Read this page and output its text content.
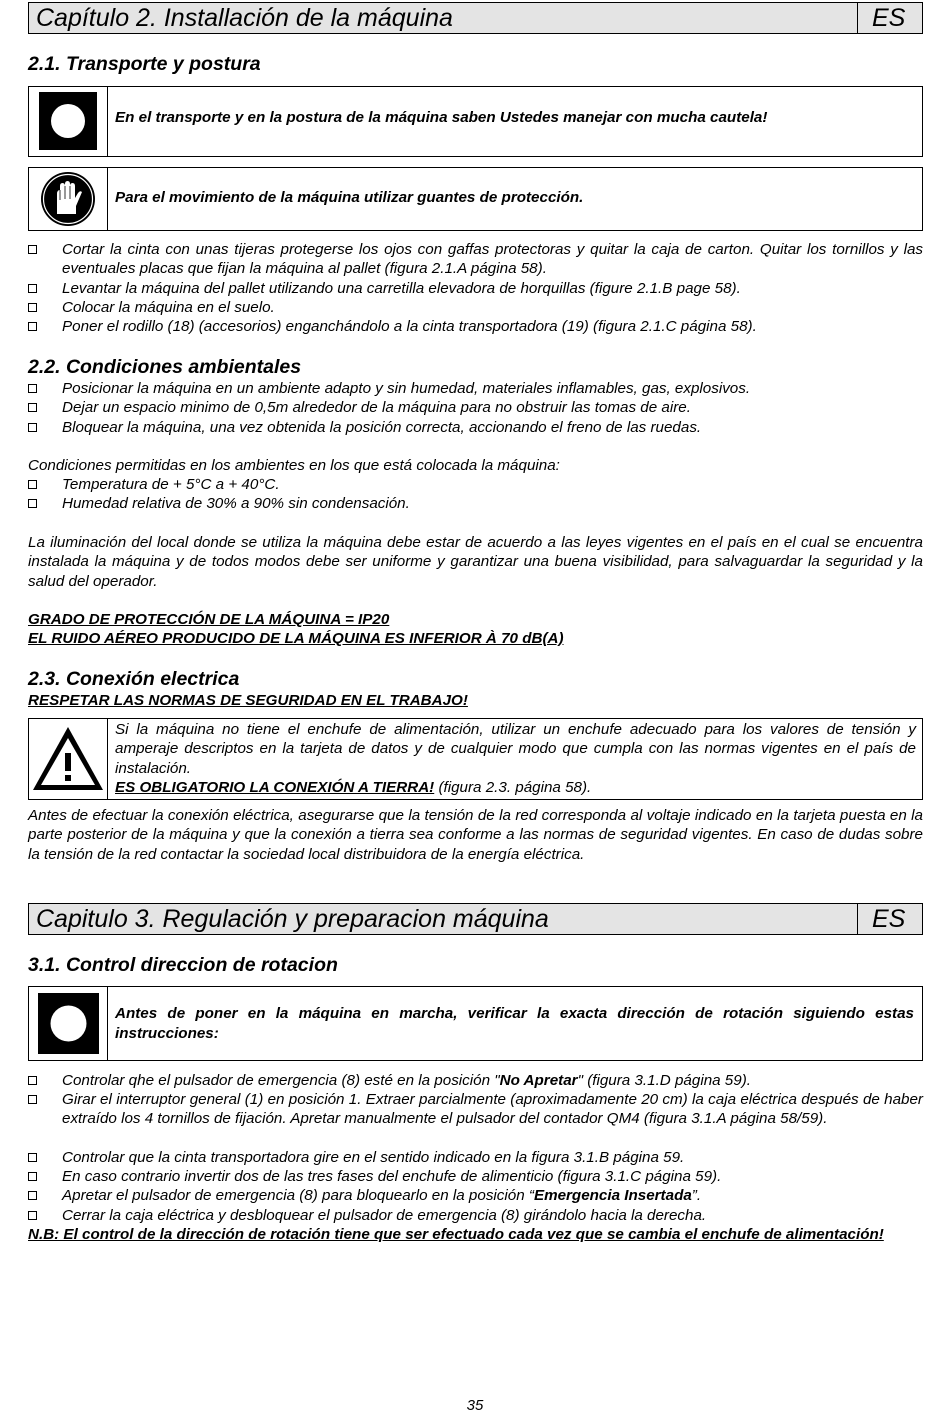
Capítulo 2. Installación de la máquina	ES
2.1. Transporte y postura
En el transporte y en la postura de la máquina saben Ustedes manejar con mucha cautela!
Para el movimiento de la máquina utilizar guantes de protección.
Cortar la cinta con unas tijeras protegerse los ojos con gaffas protectoras y quitar la caja de carton. Quitar los tornillos y las eventuales placas que fijan la máquina al pallet (figura 2.1.A página 58).
Levantar la máquina del pallet utilizando una carretilla elevadora de horquillas (figure 2.1.B page 58).
Colocar la máquina en el suelo.
Poner el rodillo (18) (accesorios) enganchándolo a la cinta transportadora (19) (figura 2.1.C página 58).
2.2. Condiciones ambientales
Posicionar la máquina en un ambiente adapto y sin humedad, materiales inflamables, gas, explosivos.
Dejar un espacio minimo de 0,5m alrededor de la máquina para no obstruir las tomas de aire.
Bloquear la máquina, una vez obtenida la posición correcta, accionando el freno de las ruedas.
Condiciones permitidas en los ambientes en los que está colocada la máquina:
Temperatura de + 5°C a + 40°C.
Humedad relativa de 30% a 90% sin condensación.
La iluminación del local donde se utiliza la máquina debe estar de acuerdo a las leyes vigentes en el país en el cual se encuentra instalada la máquina y de todos modos debe ser uniforme y garantizar una buena visibilidad, para salvaguardar la seguridad y la salud del operador.
GRADO DE PROTECCIÓN DE LA MÁQUINA = IP20
EL RUIDO AÉREO PRODUCIDO DE LA MÁQUINA ES INFERIOR À 70 dB(A)
2.3. Conexión electrica
RESPETAR LAS NORMAS DE SEGURIDAD EN EL TRABAJO!
Si la máquina no tiene el enchufe de alimentación, utilizar un enchufe adecuado para los valores de tensión y amperaje descriptos en la tarjeta de datos y de cualquier modo que cumpla con las normas vigentes en el país de instalación.
ES OBLIGATORIO LA CONEXIÓN A TIERRA! (figura 2.3. página 58).
Antes de efectuar la conexión eléctrica, asegurarse que la tensión de la red corresponda al voltaje indicado en la tarjeta puesta en la parte posterior de la máquina y que la conexión a tierra sea conforme a las normas de seguridad vigentes. En caso de dudas sobre la tensión de la red contactar la sociedad local distribuidora de la energía eléctrica.
Capitulo 3. Regulación y preparacion máquina	ES
3.1. Control direccion de rotacion
Antes de poner en la máquina en marcha, verificar la exacta dirección de rotación siguiendo estas instrucciones:
Controlar qhe el pulsador de emergencia (8) esté en la posición "No Apretar" (figura 3.1.D página 59).
Girar el interruptor general (1) en posición 1. Extraer parcialmente (aproximadamente 20 cm) la caja eléctrica después de haber extraído los 4 tornillos de fijación. Apretar manualmente el pulsador del contador QM4 (figura 3.1.A página 58/59).
Controlar que la cinta transportadora gire en el sentido indicado en la figura 3.1.B página 59.
En caso contrario invertir dos de las tres fases del enchufe de alimenticio (figura 3.1.C página 59).
Apretar el pulsador de emergencia (8) para bloquearlo en la posición “Emergencia Insertada”.
Cerrar la caja eléctrica y desbloquear el pulsador de emergencia (8) girándolo hacia la derecha.
N.B: El control de la dirección de rotación tiene que ser efectuado cada vez que se cambia el enchufe de alimentación!
35
